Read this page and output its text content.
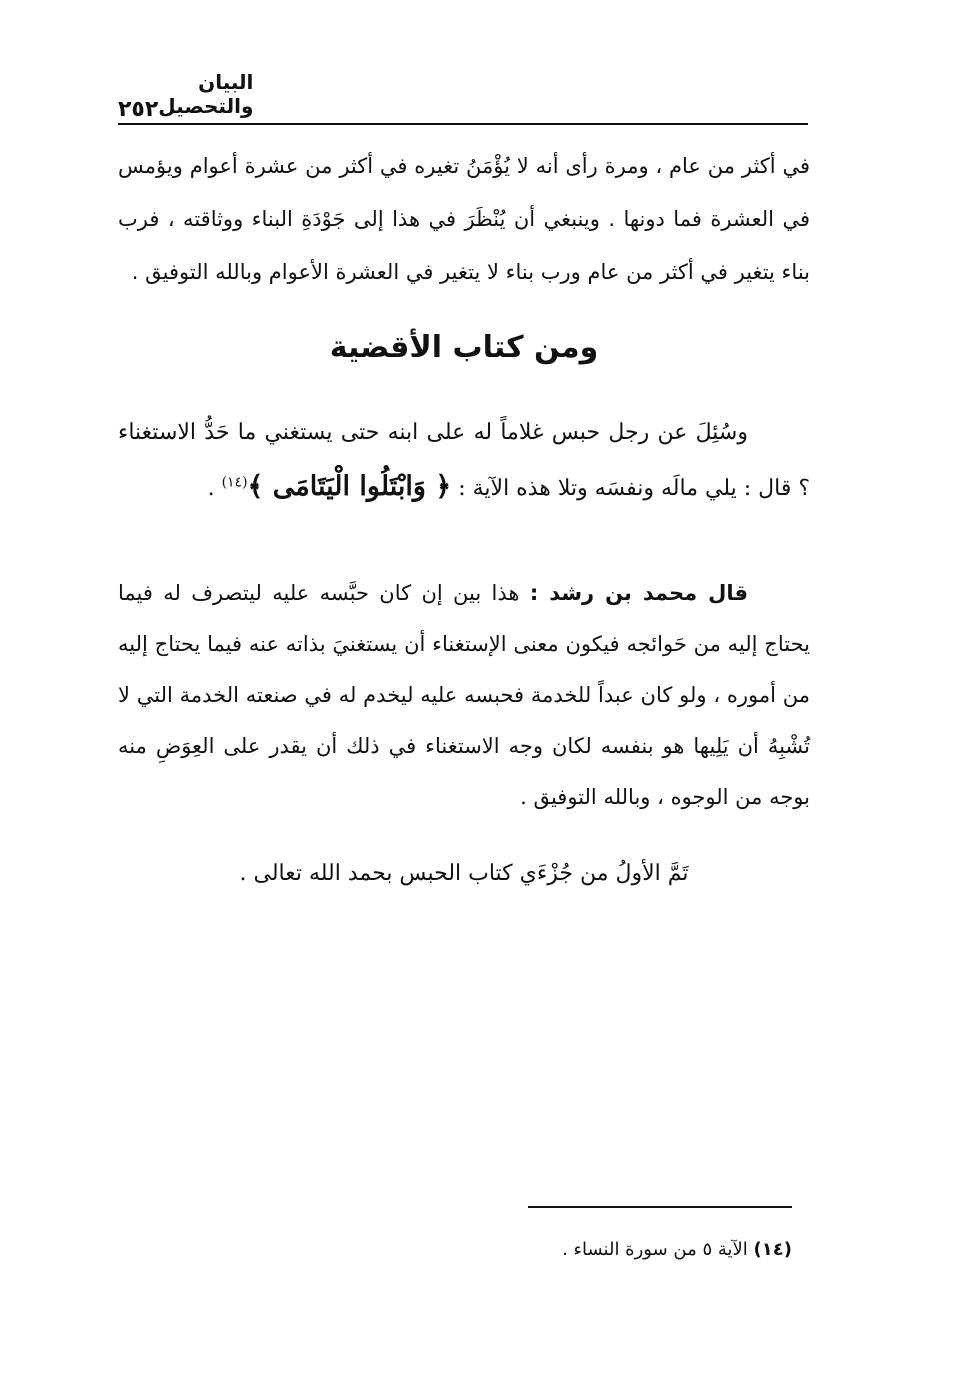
٢٥٢
البيان والتحصيل
في أكثر من عام ، ومرة رأى أنه لا يُؤْمَنُ تغيره في أكثر من عشرة أعوام ويؤمس في العشرة فما دونها . وينبغي أن يُنْظَرَ في هذا إلى جَوْدَةِ البناء ووثاقته ، فرب بناء يتغير في أكثر من عام ورب بناء لا يتغير في العشرة الأعوام وبالله التوفيق .
ومن كتاب الأقضية
وسُئِلَ عن رجل حبس غلاماً له على ابنه حتى يستغني ما حَدُّ الاستغناء ؟ قال : يلي مالَه ونفسَه وتلا هذه الآية : ﴿ وَابْتَلُوا الْيَتَامَى ﴾$^{(١٤)}$ .
قال محمد بن رشد : هذا بين إن كان حبَّسه عليه ليتصرف له فيما يحتاج إليه من حَوائجه فيكون معنى الإستغناء أن يستغنيَ بذاته عنه فيما يحتاج إليه من أموره ، ولو كان عبداً للخدمة فحبسه عليه ليخدم له في صنعته الخدمة التي لا تُشْبِهُ أن يَلِيها هو بنفسه لكان وجه الاستغناء في ذلك أن يقدر على العِوَضِ منه بوجه من الوجوه ، وبالله التوفيق .
تَمَّ الأولُ من جُزْءَي كتاب الحبس بحمد الله تعالى .
(١٤) الآية ٥ من سورة النساء .
